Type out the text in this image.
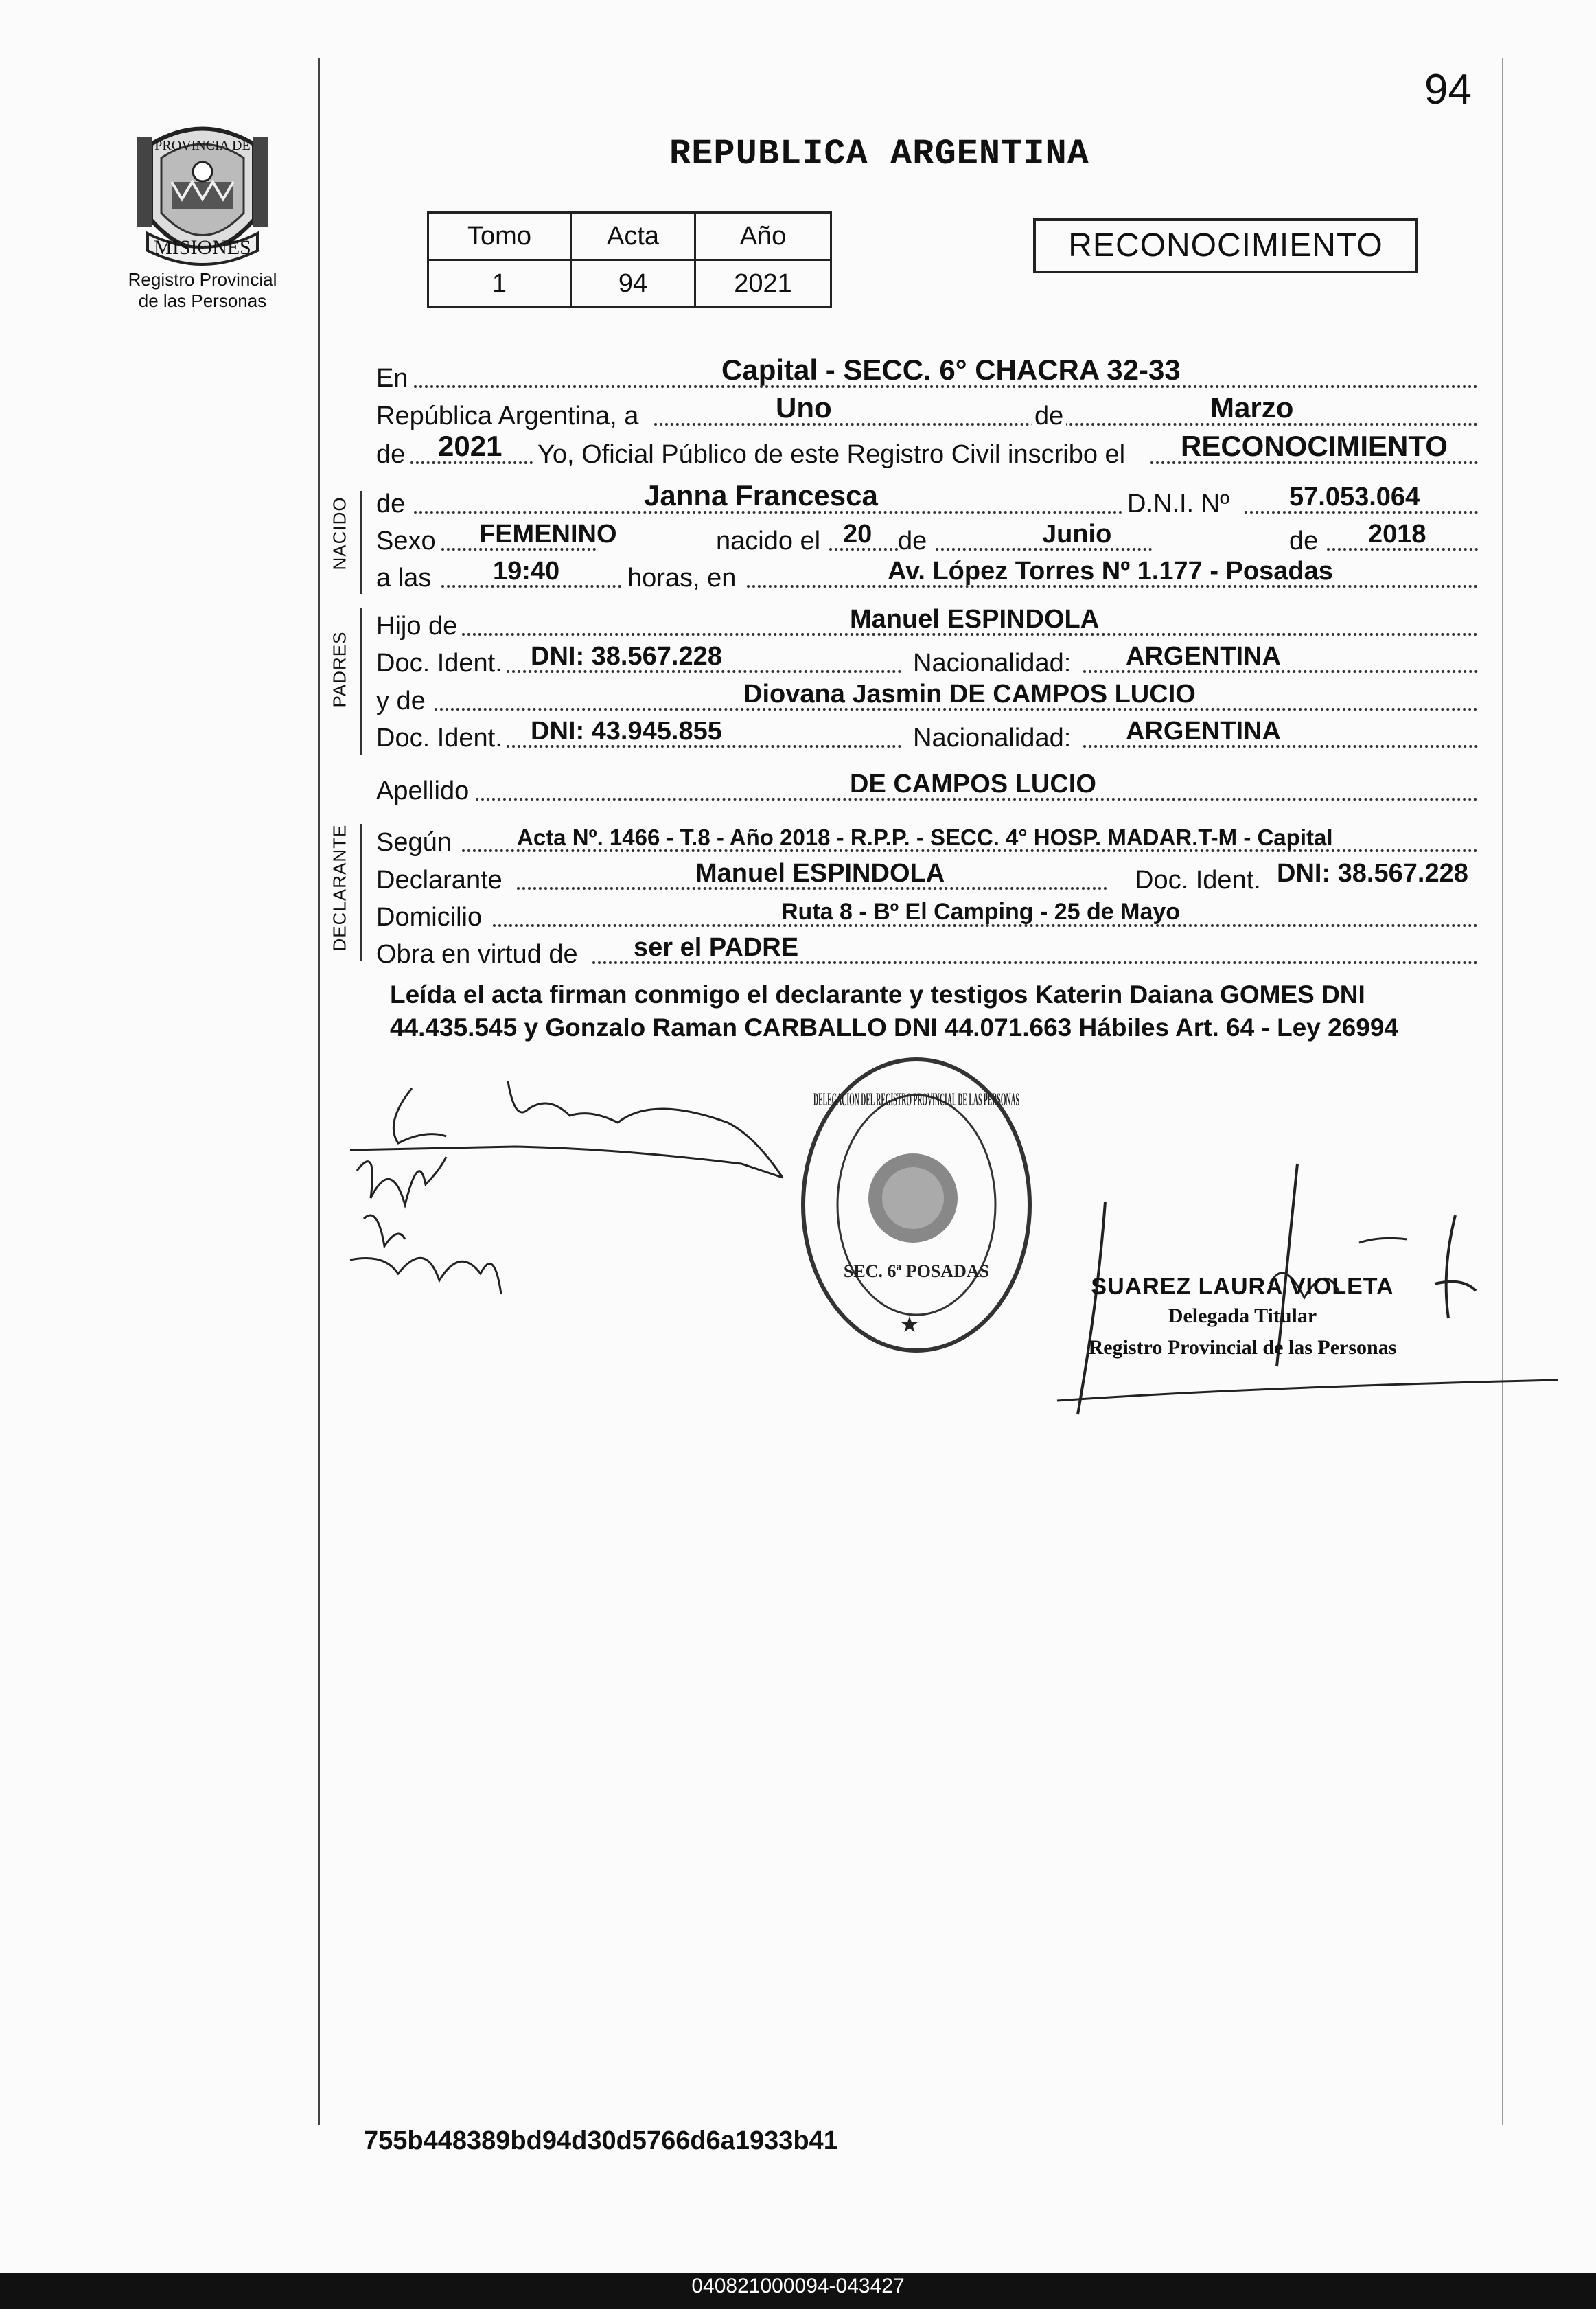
94
MISIONES
PROVINCIA DE
Registro Provincial
de las Personas
REPUBLICA ARGENTINA
Tomo	Acta	Año
1	94	2021
RECONOCIMIENTO
En	Capital - SECC. 6° CHACRA 32-33
República Argentina, a	Uno	de	Marzo
de 2021 Yo, Oficial Público de este Registro Civil inscribo el RECONOCIMIENTO
NACIDO de	Janna Francesca	D.N.I. Nº 57.053.064
Sexo FEMENINO	nacido el 20 de	Junio	de 2018
a las 19:40	horas, en	Av. López Torres Nº 1.177 - Posadas
PADRES
Hijo de	Manuel ESPINDOLA
Doc. Ident. DNI: 38.567.228	Nacionalidad: ARGENTINA
y de	Diovana Jasmin DE CAMPOS LUCIO
Doc. Ident. DNI: 43.945.855	Nacionalidad: ARGENTINA
Apellido	DE CAMPOS LUCIO
DECLARANTE Según	Acta Nº. 1466 - T.8 - Año 2018 - R.P.P. - SECC. 4° HOSP. MADAR.T-M - Capital
Declarante	Manuel ESPINDOLA	Doc. Ident. DNI: 38.567.228
Domicilio	Ruta 8 - Bº El Camping - 25 de Mayo
Obra en virtud de ser el PADRE
Leída el acta firman conmigo el declarante y testigos Katerin Daiana GOMES DNI 44.435.545 y Gonzalo Raman CARBALLO DNI 44.071.663 Hábiles Art. 64 - Ley 26994
DELEGACION DEL REGISTRO PROVINCIAL DE LAS PERSONAS
SEC. 6ª POSADAS
★
SUAREZ LAURA VIOLETA
Delegada Titular
Registro Provincial de las Personas
755b448389bd94d30d5766d6a1933b41
040821000094-043427
